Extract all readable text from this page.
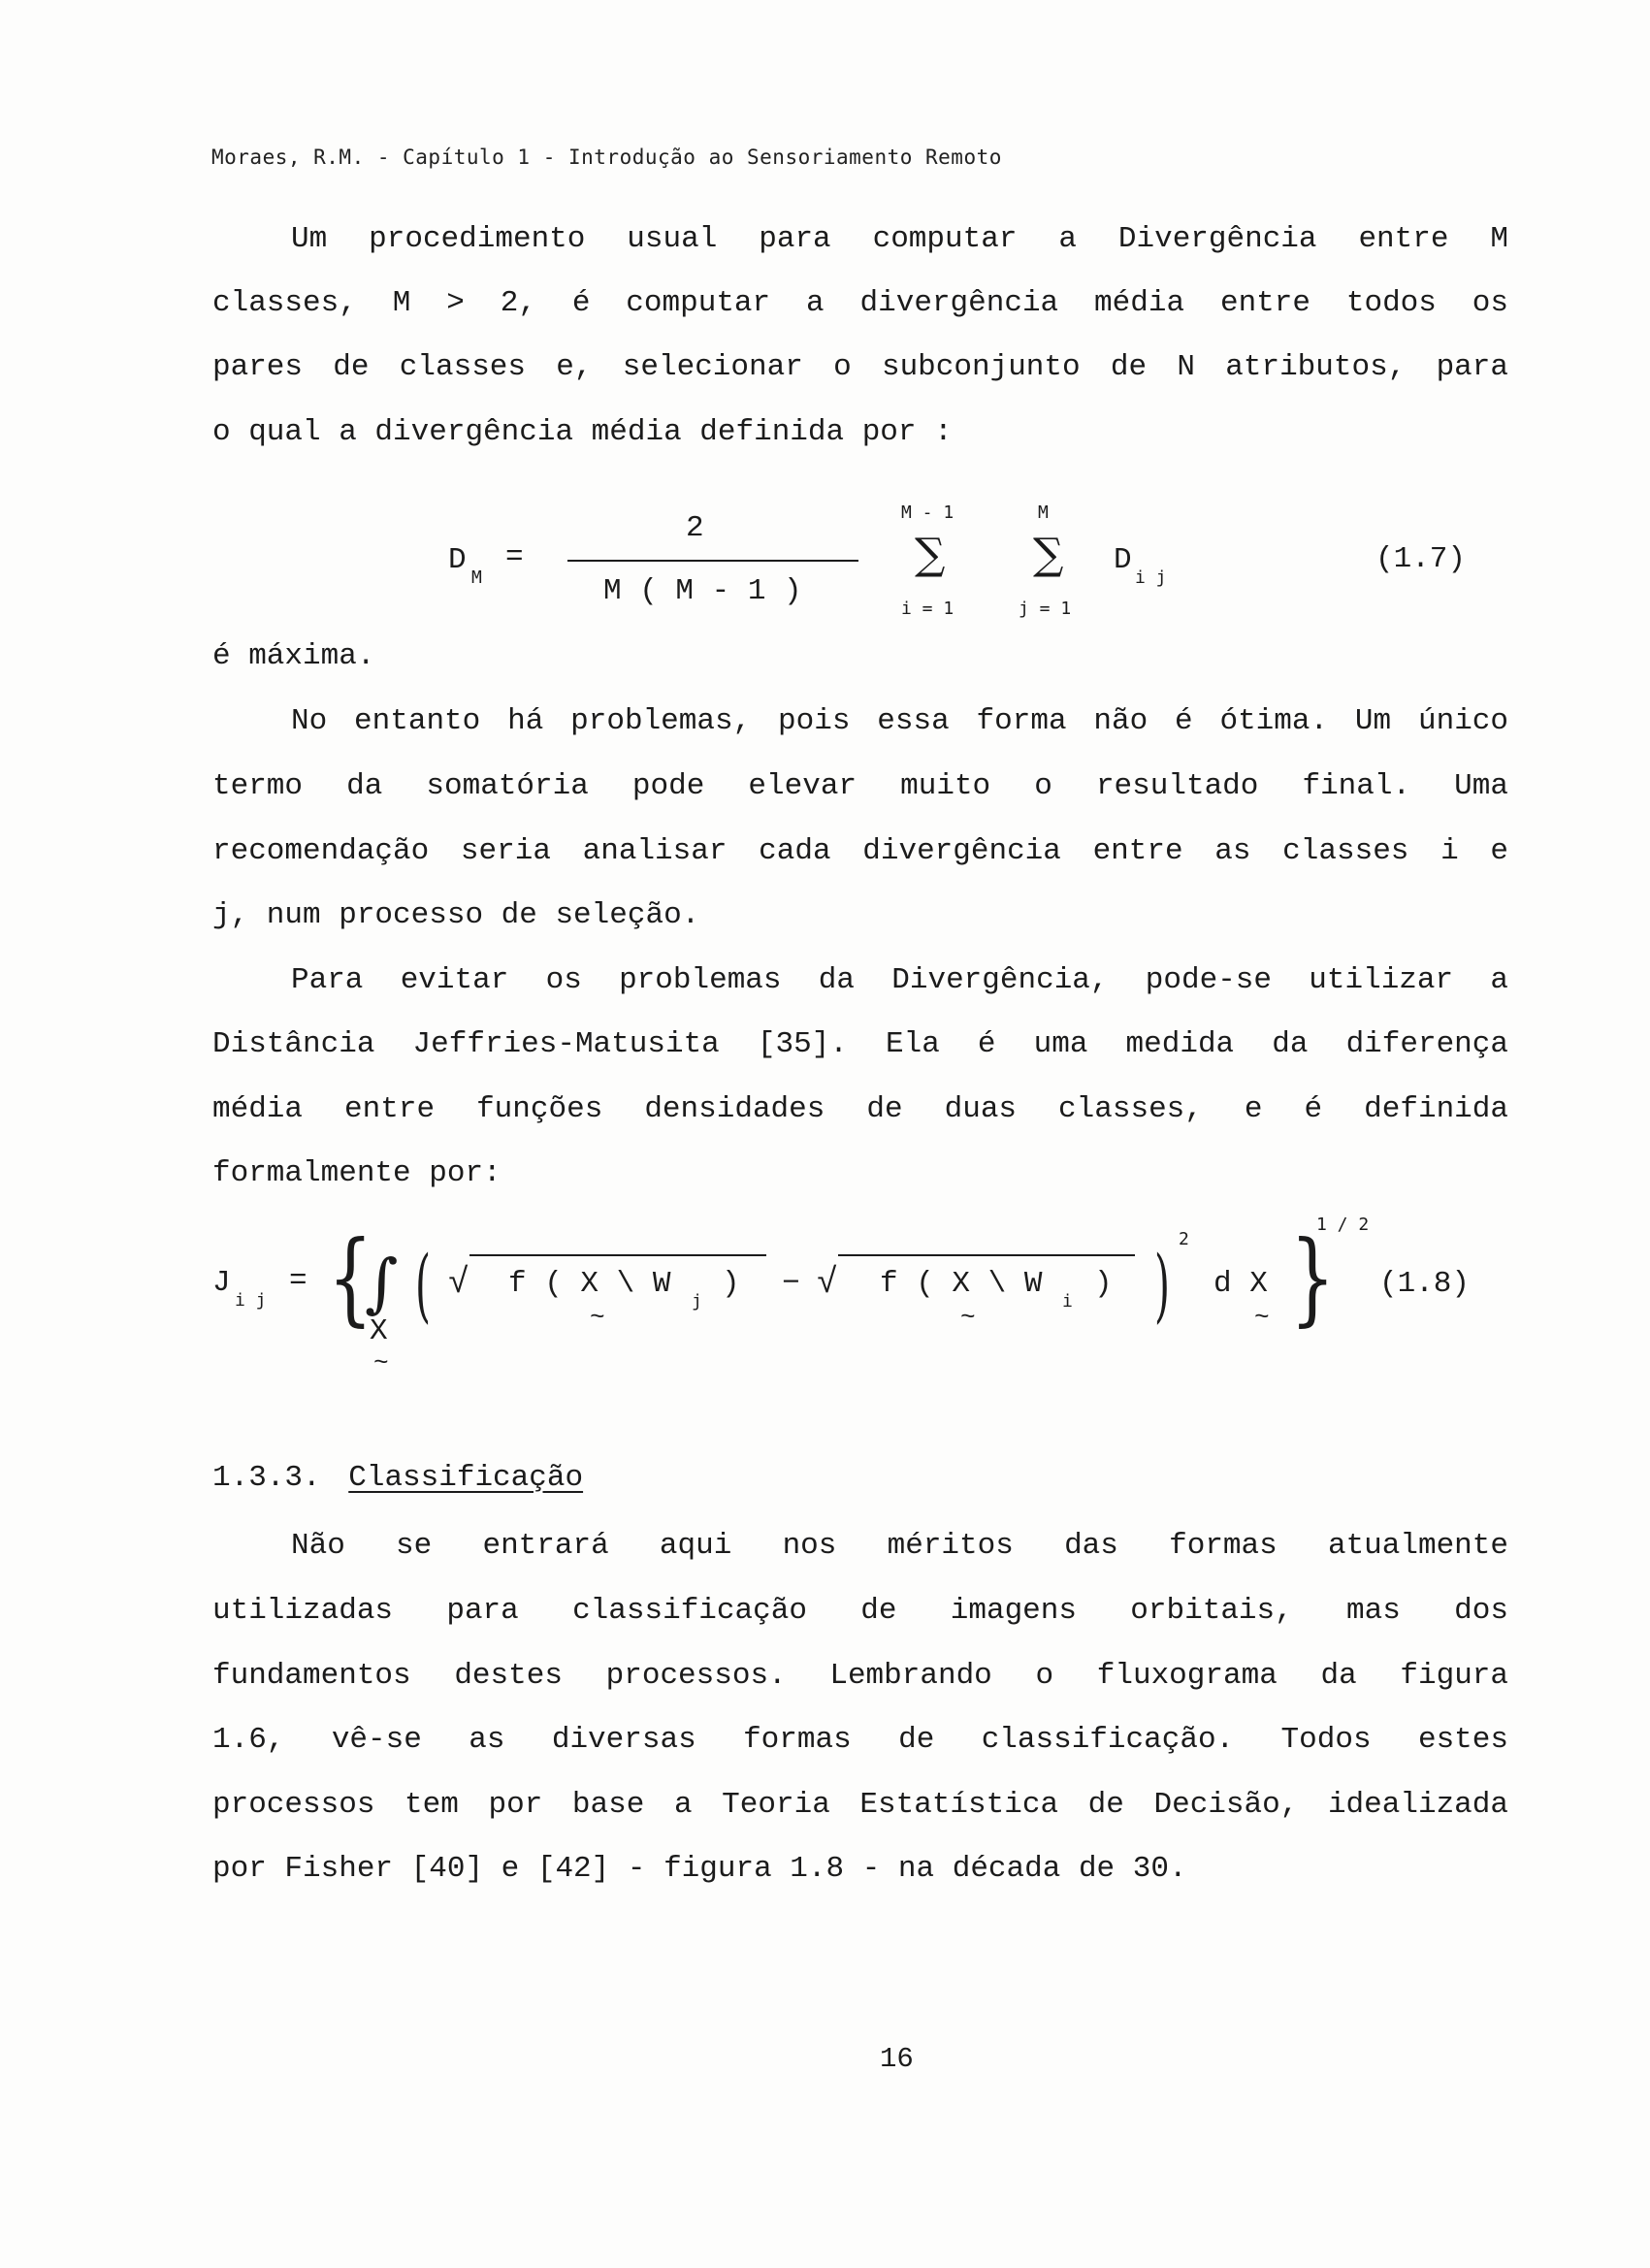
Moraes, R.M. - Capítulo 1 - Introdução ao Sensoriamento Remoto
Um procedimento usual para computar a Divergência entre M
classes, M > 2, é computar a divergência média entre todos os
pares de classes e, selecionar o subconjunto de N atributos, para
o qual a divergência média definida por :
D
M
=
2
M ( M - 1 )
M - 1
∑
i = 1
M
∑
j = 1
D
i j
(1.7)
é máxima.
No entanto há problemas, pois essa forma não é ótima. Um único
termo da somatória pode elevar muito o resultado final. Uma
recomendação seria analisar cada divergência entre as classes i e
j, num processo de seleção.
Para evitar os problemas da Divergência, pode-se utilizar a
Distância Jeffries-Matusita [35]. Ela é uma medida da diferença
média entre funções densidades de duas classes, e é definida
formalmente por:
J
i j
= {
∫
X
~
( √ f ( X \ W
j
)
~
− √ f ( X \ W
i
)
~ )
2
d X
~ }
1 / 2
(1.8)
1.3.3. Classificação
Não se entrará aqui nos méritos das formas atualmente
utilizadas para classificação de imagens orbitais, mas dos
fundamentos destes processos. Lembrando o fluxograma da figura
1.6, vê-se as diversas formas de classificação. Todos estes
processos tem por base a Teoria Estatística de Decisão, idealizada
por Fisher [40] e [42] - figura 1.8 - na década de 30.
16
